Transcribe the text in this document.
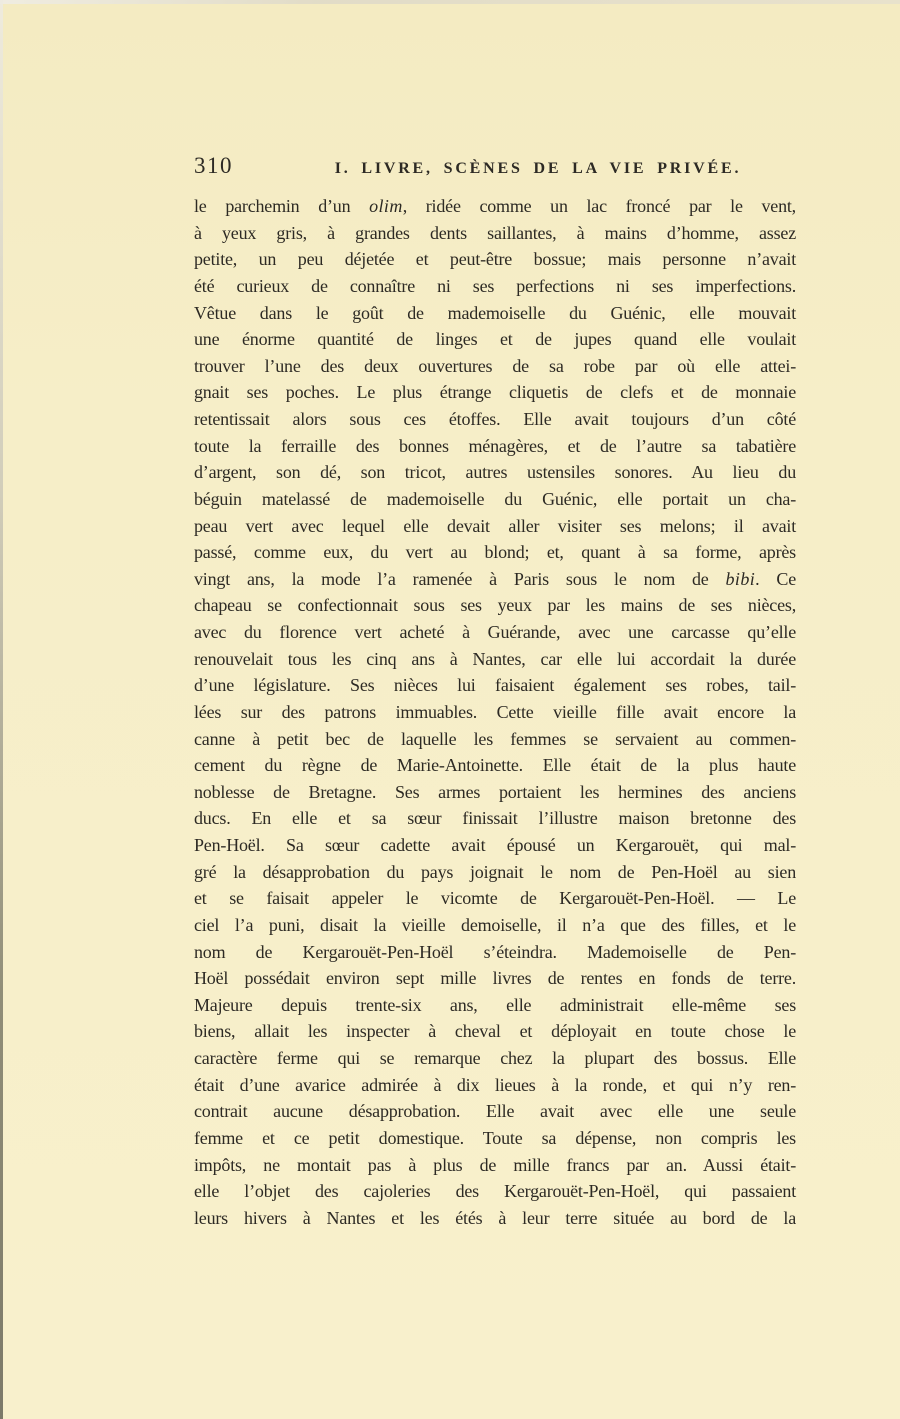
310	I. LIVRE, SCÈNES DE LA VIE PRIVÉE.
le parchemin d’un olim, ridée comme un lac froncé par le vent,
à yeux gris, à grandes dents saillantes, à mains d’homme, assez
petite, un peu déjetée et peut-être bossue; mais personne n’avait
été curieux de connaître ni ses perfections ni ses imperfections.
Vêtue dans le goût de mademoiselle du Guénic, elle mouvait
une énorme quantité de linges et de jupes quand elle voulait
trouver l’une des deux ouvertures de sa robe par où elle attei-
gnait ses poches. Le plus étrange cliquetis de clefs et de monnaie
retentissait alors sous ces étoffes. Elle avait toujours d’un côté
toute la ferraille des bonnes ménagères, et de l’autre sa tabatière
d’argent, son dé, son tricot, autres ustensiles sonores. Au lieu du
béguin matelassé de mademoiselle du Guénic, elle portait un cha-
peau vert avec lequel elle devait aller visiter ses melons; il avait
passé, comme eux, du vert au blond; et, quant à sa forme, après
vingt ans, la mode l’a ramenée à Paris sous le nom de bibi. Ce
chapeau se confectionnait sous ses yeux par les mains de ses nièces,
avec du florence vert acheté à Guérande, avec une carcasse qu’elle
renouvelait tous les cinq ans à Nantes, car elle lui accordait la durée
d’une législature. Ses nièces lui faisaient également ses robes, tail-
lées sur des patrons immuables. Cette vieille fille avait encore la
canne à petit bec de laquelle les femmes se servaient au commen-
cement du règne de Marie-Antoinette. Elle était de la plus haute
noblesse de Bretagne. Ses armes portaient les hermines des anciens
ducs. En elle et sa sœur finissait l’illustre maison bretonne des
Pen-Hoël. Sa sœur cadette avait épousé un Kergarouët, qui mal-
gré la désapprobation du pays joignait le nom de Pen-Hoël au sien
et se faisait appeler le vicomte de Kergarouët-Pen-Hoël. — Le
ciel l’a puni, disait la vieille demoiselle, il n’a que des filles, et le
nom de Kergarouët-Pen-Hoël s’éteindra. Mademoiselle de Pen-
Hoël possédait environ sept mille livres de rentes en fonds de terre.
Majeure depuis trente-six ans, elle administrait elle-même ses
biens, allait les inspecter à cheval et déployait en toute chose le
caractère ferme qui se remarque chez la plupart des bossus. Elle
était d’une avarice admirée à dix lieues à la ronde, et qui n’y ren-
contrait aucune désapprobation. Elle avait avec elle une seule
femme et ce petit domestique. Toute sa dépense, non compris les
impôts, ne montait pas à plus de mille francs par an. Aussi était-
elle l’objet des cajoleries des Kergarouët-Pen-Hoël, qui passaient
leurs hivers à Nantes et les étés à leur terre située au bord de la
